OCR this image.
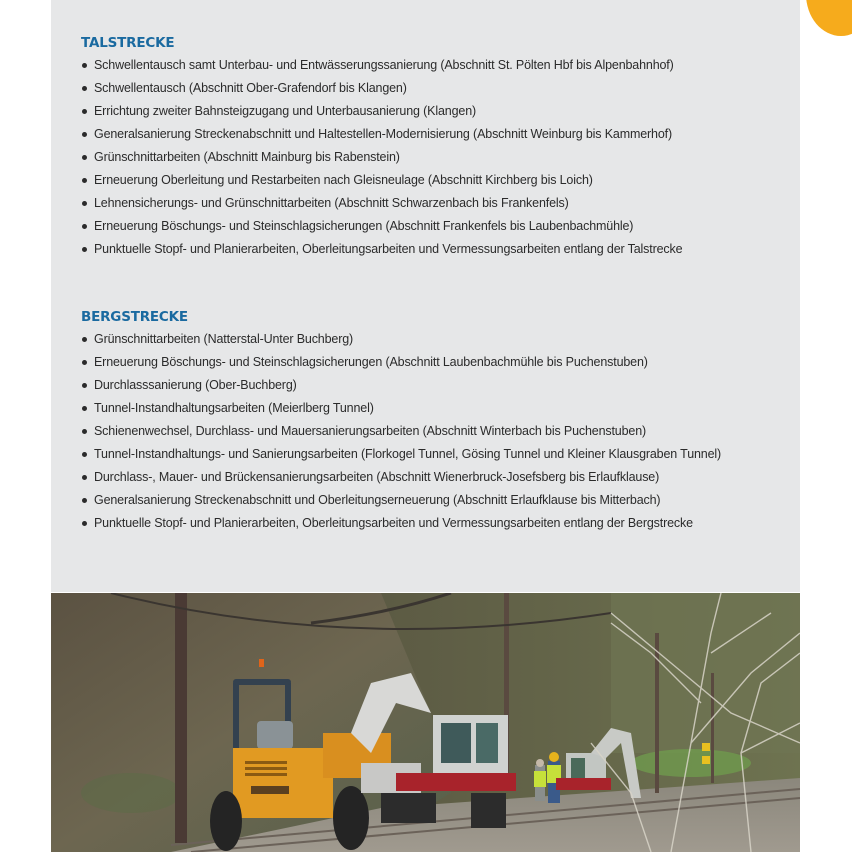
TALSTRECKE
Schwellentausch samt Unterbau- und Entwässerungssanierung (Abschnitt St. Pölten Hbf bis Alpenbahnhof)
Schwellentausch (Abschnitt Ober-Grafendorf bis Klangen)
Errichtung zweiter Bahnsteigzugang und Unterbausanierung (Klangen)
Generalsanierung Streckenabschnitt und Haltestellen-Modernisierung (Abschnitt Weinburg bis Kammerhof)
Grünschnittarbeiten (Abschnitt Mainburg bis Rabenstein)
Erneuerung Oberleitung und Restarbeiten nach Gleisneulage (Abschnitt Kirchberg bis Loich)
Lehnensicherungs- und Grünschnittarbeiten (Abschnitt Schwarzenbach bis Frankenfels)
Erneuerung Böschungs- und Steinschlagsicherungen (Abschnitt Frankenfels bis Laubenbachmühle)
Punktuelle Stopf- und Planierarbeiten, Oberleitungsarbeiten und Vermessungsarbeiten entlang der Talstrecke
BERGSTRECKE
Grünschnittarbeiten (Natterstal-Unter Buchberg)
Erneuerung Böschungs- und Steinschlagsicherungen (Abschnitt Laubenbachmühle bis Puchenstuben)
Durchlasssanierung (Ober-Buchberg)
Tunnel-Instandhaltungsarbeiten (Meierlberg Tunnel)
Schienenwechsel, Durchlass- und Mauersanierungsarbeiten (Abschnitt Winterbach bis Puchenstuben)
Tunnel-Instandhaltungs- und Sanierungsarbeiten (Florkogel Tunnel, Gösing Tunnel und Kleiner Klausgraben Tunnel)
Durchlass-, Mauer- und Brückensanierungsarbeiten (Abschnitt Wienerbruck-Josefsberg bis Erlaufklause)
Generalsanierung Streckenabschnitt und Oberleitungserneuerung (Abschnitt Erlaufklause bis Mitterbach)
Punktuelle Stopf- und Planierarbeiten, Oberleitungsarbeiten und Vermessungsarbeiten entlang der Bergstrecke
